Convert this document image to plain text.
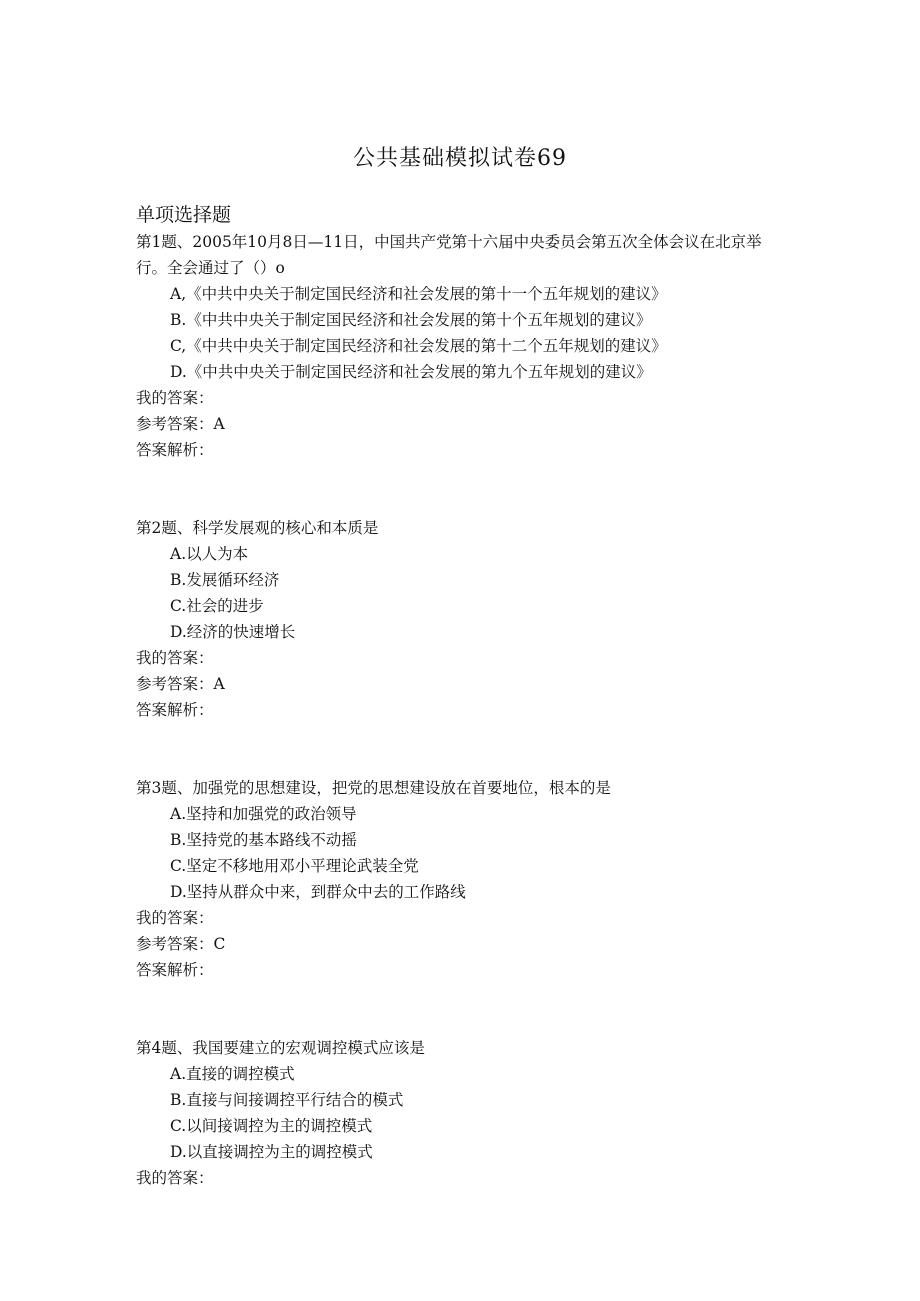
公共基础模拟试卷69
单项选择题
第1题、2005年10月8日—11日，中国共产党第十六届中央委员会第五次全体会议在北京举行。全会通过了（）o
A,《中共中央关于制定国民经济和社会发展的第十一个五年规划的建议》
B.《中共中央关于制定国民经济和社会发展的第十个五年规划的建议》
C,《中共中央关于制定国民经济和社会发展的第十二个五年规划的建议》
D.《中共中央关于制定国民经济和社会发展的第九个五年规划的建议》
我的答案：
参考答案：A
答案解析：
第2题、科学发展观的核心和本质是
A.以人为本
B.发展循环经济
C.社会的进步
D.经济的快速增长
我的答案：
参考答案：A
答案解析：
第3题、加强党的思想建设，把党的思想建设放在首要地位，根本的是
A.坚持和加强党的政治领导
B.坚持党的基本路线不动摇
C.坚定不移地用邓小平理论武装全党
D.坚持从群众中来，到群众中去的工作路线
我的答案：
参考答案：C
答案解析：
第4题、我国要建立的宏观调控模式应该是
A.直接的调控模式
B.直接与间接调控平行结合的模式
C.以间接调控为主的调控模式
D.以直接调控为主的调控模式
我的答案：
